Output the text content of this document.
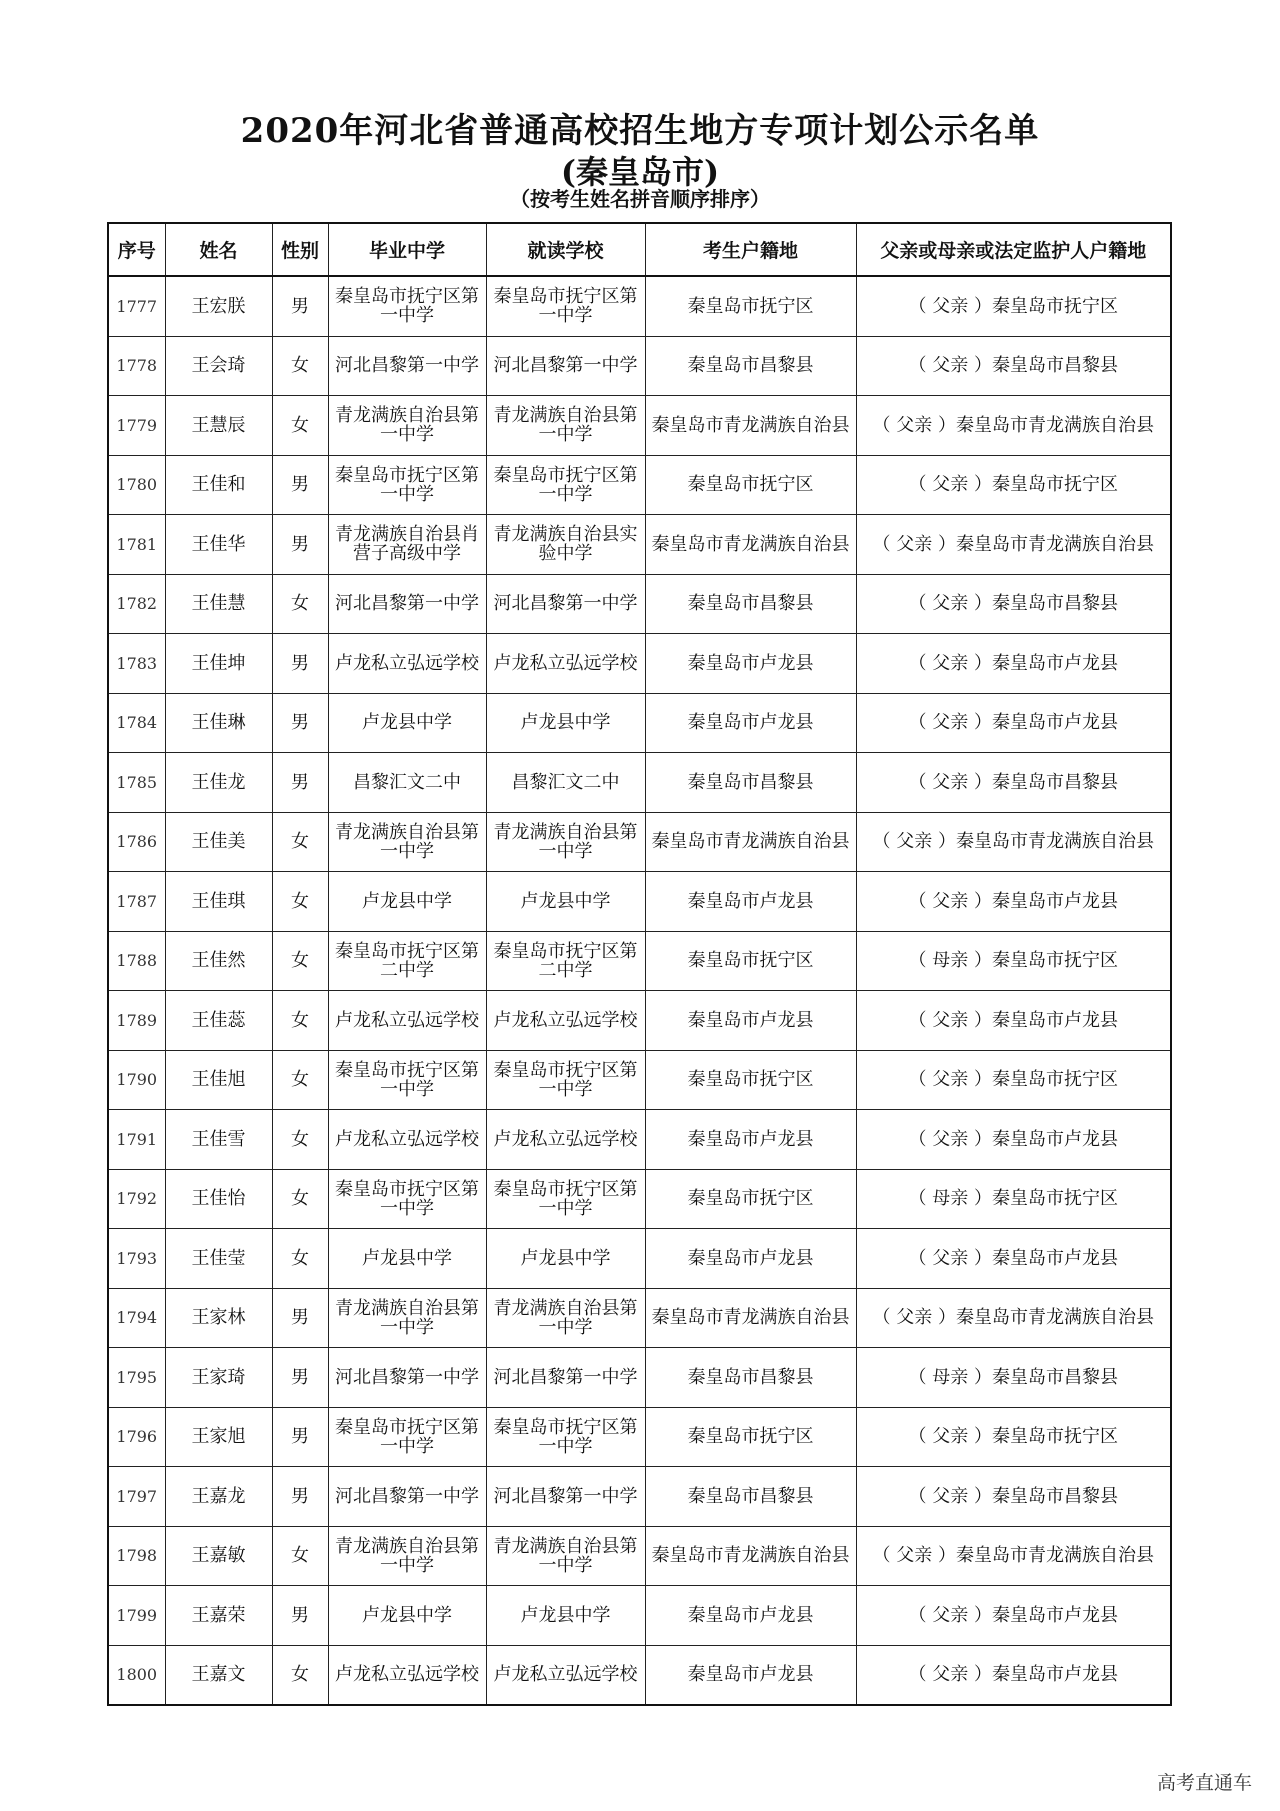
2020年河北省普通高校招生地方专项计划公示名单
(秦皇岛市)
（按考生姓名拼音顺序排序）
序号	姓名	性别	毕业中学	就读学校	考生户籍地	父亲或母亲或法定监护人户籍地
1777	王宏朕	男	秦皇岛市抚宁区第一中学	秦皇岛市抚宁区第一中学	秦皇岛市抚宁区	（ 父亲 ）秦皇岛市抚宁区
1778	王会琦	女	河北昌黎第一中学	河北昌黎第一中学	秦皇岛市昌黎县	（ 父亲 ）秦皇岛市昌黎县
1779	王慧辰	女	青龙满族自治县第一中学	青龙满族自治县第一中学	秦皇岛市青龙满族自治县	（ 父亲 ）秦皇岛市青龙满族自治县
1780	王佳和	男	秦皇岛市抚宁区第一中学	秦皇岛市抚宁区第一中学	秦皇岛市抚宁区	（ 父亲 ）秦皇岛市抚宁区
1781	王佳华	男	青龙满族自治县肖营子高级中学	青龙满族自治县实验中学	秦皇岛市青龙满族自治县	（ 父亲 ）秦皇岛市青龙满族自治县
1782	王佳慧	女	河北昌黎第一中学	河北昌黎第一中学	秦皇岛市昌黎县	（ 父亲 ）秦皇岛市昌黎县
1783	王佳坤	男	卢龙私立弘远学校	卢龙私立弘远学校	秦皇岛市卢龙县	（ 父亲 ）秦皇岛市卢龙县
1784	王佳琳	男	卢龙县中学	卢龙县中学	秦皇岛市卢龙县	（ 父亲 ）秦皇岛市卢龙县
1785	王佳龙	男	昌黎汇文二中	昌黎汇文二中	秦皇岛市昌黎县	（ 父亲 ）秦皇岛市昌黎县
1786	王佳美	女	青龙满族自治县第一中学	青龙满族自治县第一中学	秦皇岛市青龙满族自治县	（ 父亲 ）秦皇岛市青龙满族自治县
1787	王佳琪	女	卢龙县中学	卢龙县中学	秦皇岛市卢龙县	（ 父亲 ）秦皇岛市卢龙县
1788	王佳然	女	秦皇岛市抚宁区第二中学	秦皇岛市抚宁区第二中学	秦皇岛市抚宁区	（ 母亲 ）秦皇岛市抚宁区
1789	王佳蕊	女	卢龙私立弘远学校	卢龙私立弘远学校	秦皇岛市卢龙县	（ 父亲 ）秦皇岛市卢龙县
1790	王佳旭	女	秦皇岛市抚宁区第一中学	秦皇岛市抚宁区第一中学	秦皇岛市抚宁区	（ 父亲 ）秦皇岛市抚宁区
1791	王佳雪	女	卢龙私立弘远学校	卢龙私立弘远学校	秦皇岛市卢龙县	（ 父亲 ）秦皇岛市卢龙县
1792	王佳怡	女	秦皇岛市抚宁区第一中学	秦皇岛市抚宁区第一中学	秦皇岛市抚宁区	（ 母亲 ）秦皇岛市抚宁区
1793	王佳莹	女	卢龙县中学	卢龙县中学	秦皇岛市卢龙县	（ 父亲 ）秦皇岛市卢龙县
1794	王家林	男	青龙满族自治县第一中学	青龙满族自治县第一中学	秦皇岛市青龙满族自治县	（ 父亲 ）秦皇岛市青龙满族自治县
1795	王家琦	男	河北昌黎第一中学	河北昌黎第一中学	秦皇岛市昌黎县	（ 母亲 ）秦皇岛市昌黎县
1796	王家旭	男	秦皇岛市抚宁区第一中学	秦皇岛市抚宁区第一中学	秦皇岛市抚宁区	（ 父亲 ）秦皇岛市抚宁区
1797	王嘉龙	男	河北昌黎第一中学	河北昌黎第一中学	秦皇岛市昌黎县	（ 父亲 ）秦皇岛市昌黎县
1798	王嘉敏	女	青龙满族自治县第一中学	青龙满族自治县第一中学	秦皇岛市青龙满族自治县	（ 父亲 ）秦皇岛市青龙满族自治县
1799	王嘉荣	男	卢龙县中学	卢龙县中学	秦皇岛市卢龙县	（ 父亲 ）秦皇岛市卢龙县
1800	王嘉文	女	卢龙私立弘远学校	卢龙私立弘远学校	秦皇岛市卢龙县	（ 父亲 ）秦皇岛市卢龙县
高考直通车
